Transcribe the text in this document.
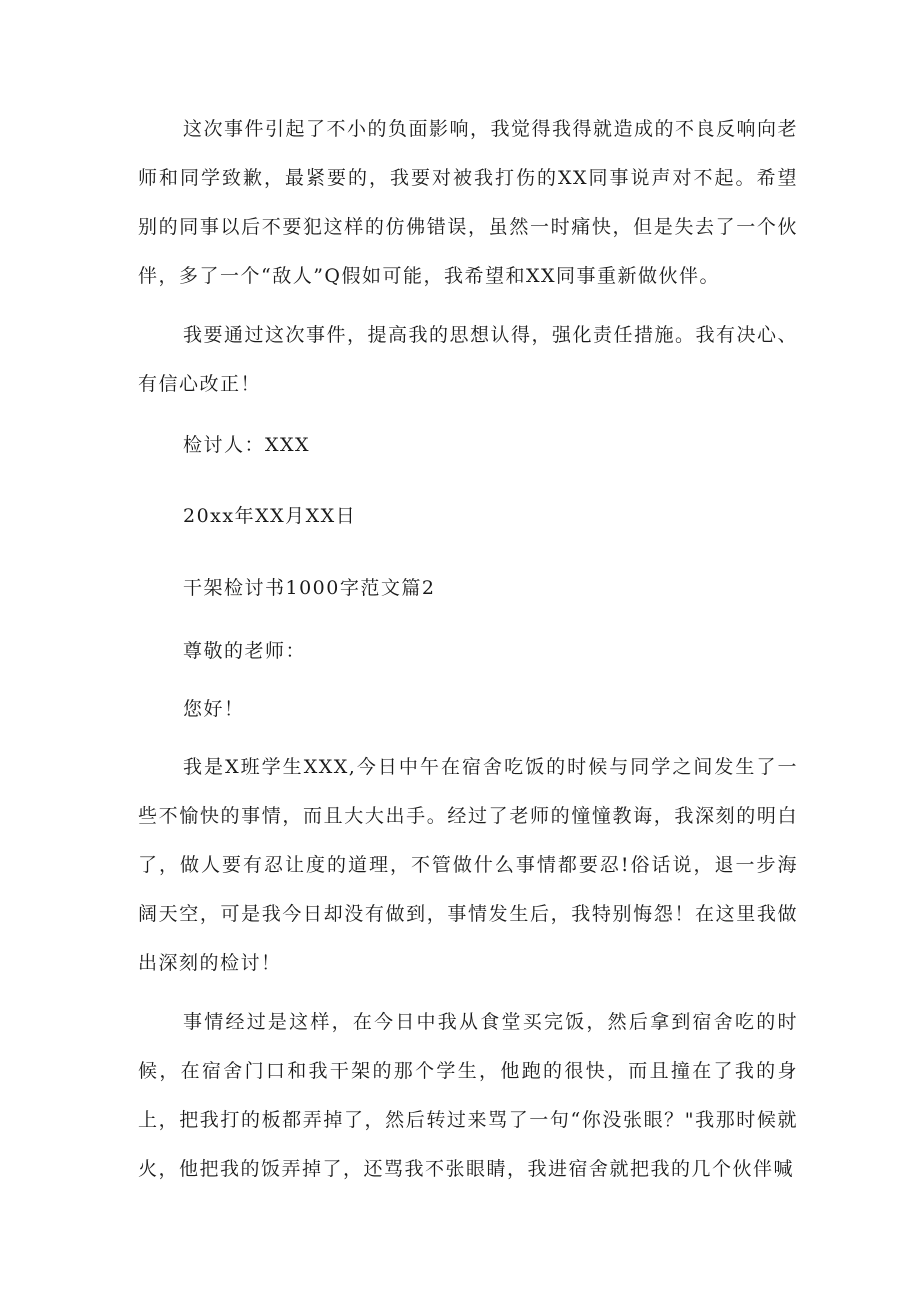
这次事件引起了不小的负面影响，我觉得我得就造成的不良反响向老师和同学致歉，最紧要的，我要对被我打伤的XX同事说声对不起。希望别的同事以后不要犯这样的仿佛错误，虽然一时痛快，但是失去了一个伙伴，多了一个“敌人”Q假如可能，我希望和XX同事重新做伙伴。

我要通过这次事件，提高我的思想认得，强化责任措施。我有决心、有信心改正！

检讨人：XXX

20xx年XX月XX日

干架检讨书1000字范文篇2

尊敬的老师：

您好！

我是X班学生XXX,今日中午在宿舍吃饭的时候与同学之间发生了一些不愉快的事情，而且大大出手。经过了老师的憧憧教诲，我深刻的明白了，做人要有忍让度的道理，不管做什么事情都要忍!俗话说，退一步海阔天空，可是我今日却没有做到，事情发生后，我特别悔怨！在这里我做出深刻的检讨！

事情经过是这样，在今日中我从食堂买完饭，然后拿到宿舍吃的时候，在宿舍门口和我干架的那个学生，他跑的很快，而且撞在了我的身上，把我打的板都弄掉了，然后转过来骂了一句“你没张眼？"我那时候就火，他把我的饭弄掉了，还骂我不张眼睛，我进宿舍就把我的几个伙伴喊
